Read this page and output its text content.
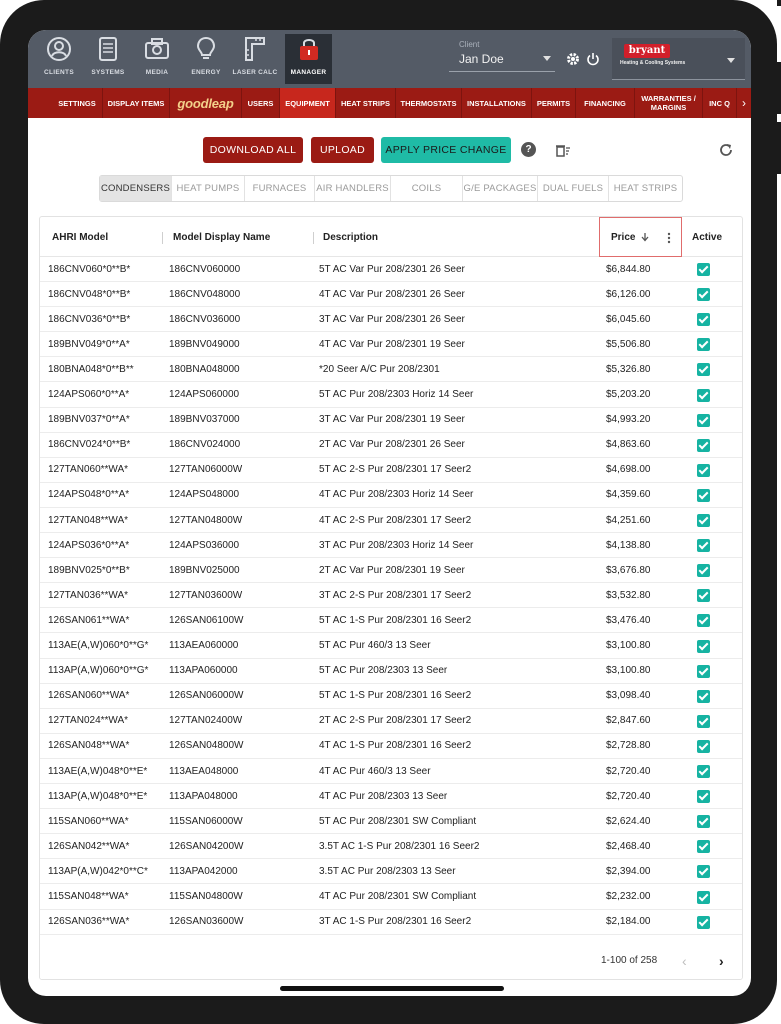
CLIENTS	SYSTEMS	MEDIA	ENERGY LASER CALC MANAGER
Client
Jan Doe
bryant
Heating & Cooling Systems
SETTINGS	DISPLAY ITEMS	goodleap	USERS	EQUIPMENT	HEAT STRIPS	THERMOSTATS	INSTALLATIONS	PERMITS	FINANCING	WARRANTIES / MARGINS	INC Q	›
DOWNLOAD ALL	UPLOAD	APPLY PRICE CHANGE	?
CONDENSERS HEAT PUMPS	FURNACES	AIR HANDLERS	COILS	G/E PACKAGES DUAL FUELS	HEAT STRIPS
AHRI Model	Model Display Name	Description	Price	Active
186CNV060*0**B*	186CNV060000	5T AC Var Pur 208/2301 26 Seer	$6,844.80
186CNV048*0**B*	186CNV048000	4T AC Var Pur 208/2301 26 Seer	$6,126.00
186CNV036*0**B*	186CNV036000	3T AC Var Pur 208/2301 26 Seer	$6,045.60
189BNV049*0**A*	189BNV049000	4T AC Var Pur 208/2301 19 Seer	$5,506.80
180BNA048*0**B**	180BNA048000	*20 Seer A/C Pur 208/2301	$5,326.80
124APS060*0**A*	124APS060000	5T AC Pur 208/2303 Horiz 14 Seer	$5,203.20
189BNV037*0**A*	189BNV037000	3T AC Var Pur 208/2301 19 Seer	$4,993.20
186CNV024*0**B*	186CNV024000	2T AC Var Pur 208/2301 26 Seer	$4,863.60
127TAN060**WA*	127TAN06000W	5T AC 2-S Pur 208/2301 17 Seer2	$4,698.00
124APS048*0**A*	124APS048000	4T AC Pur 208/2303 Horiz 14 Seer	$4,359.60
127TAN048**WA*	127TAN04800W	4T AC 2-S Pur 208/2301 17 Seer2	$4,251.60
124APS036*0**A*	124APS036000	3T AC Pur 208/2303 Horiz 14 Seer	$4,138.80
189BNV025*0**B*	189BNV025000	2T AC Var Pur 208/2301 19 Seer	$3,676.80
127TAN036**WA*	127TAN03600W	3T AC 2-S Pur 208/2301 17 Seer2	$3,532.80
126SAN061**WA*	126SAN06100W	5T AC 1-S Pur 208/2301 16 Seer2	$3,476.40
113AE(A,W)060*0**G* 113AEA060000	5T AC Pur 460/3 13 Seer	$3,100.80
113AP(A,W)060*0**G* 113APA060000	5T AC Pur 208/2303 13 Seer	$3,100.80
126SAN060**WA*	126SAN06000W	5T AC 1-S Pur 208/2301 16 Seer2	$3,098.40
127TAN024**WA*	127TAN02400W	2T AC 2-S Pur 208/2301 17 Seer2	$2,847.60
126SAN048**WA*	126SAN04800W	4T AC 1-S Pur 208/2301 16 Seer2	$2,728.80
113AE(A,W)048*0**E* 113AEA048000	4T AC Pur 460/3 13 Seer	$2,720.40
113AP(A,W)048*0**E* 113APA048000	4T AC Pur 208/2303 13 Seer	$2,720.40
115SAN060**WA*	115SAN06000W	5T AC Pur 208/2301 SW Compliant	$2,624.40
126SAN042**WA*	126SAN04200W	3.5T AC 1-S Pur 208/2301 16 Seer2	$2,468.40
113AP(A,W)042*0**C* 113APA042000	3.5T AC Pur 208/2303 13 Seer	$2,394.00
115SAN048**WA*	115SAN04800W	4T AC Pur 208/2301 SW Compliant	$2,232.00
126SAN036**WA*	126SAN03600W	3T AC 1-S Pur 208/2301 16 Seer2	$2,184.00
1-100 of 258 ‹ ›
